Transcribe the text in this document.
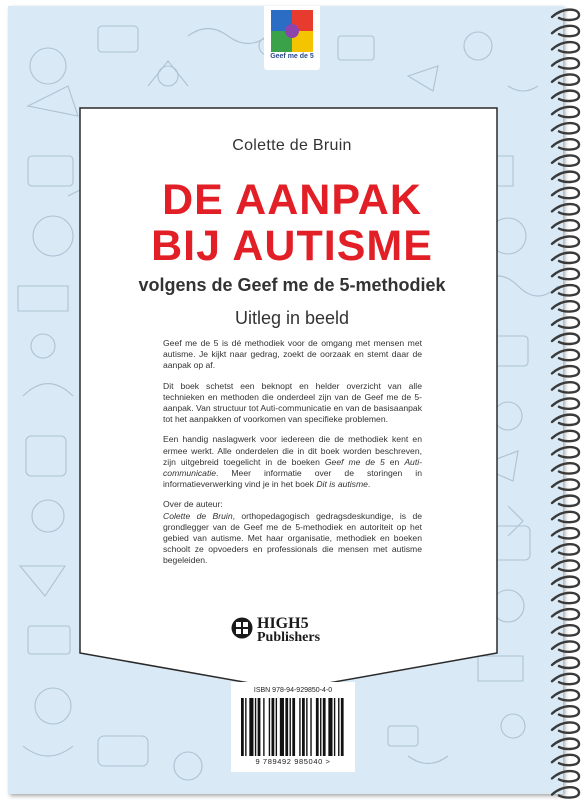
Geef me de 5
Colette de Bruin
DE AANPAK
BIJ AUTISME
volgens de Geef me de 5-methodiek
Uitleg in beeld

Geef me de 5 is dé methodiek voor de omgang met mensen met autisme. Je kijkt naar gedrag, zoekt de oorzaak en stemt daar de aanpak op af.

Dit boek schetst een beknopt en helder overzicht van alle technieken en methoden die onderdeel zijn van de Geef me de 5-aanpak. Van structuur tot Auti-communicatie en van de basisaanpak tot het aanpakken of voorkomen van specifieke problemen.

Een handig naslagwerk voor iedereen die de methodiek kent en ermee werkt. Alle onderdelen die in dit boek worden beschreven, zijn uitgebreid toegelicht in de boeken Geef me de 5 en Auti-communicatie. Meer informatie over de storingen in informatieverwerking vind je in het boek Dit is autisme.

Over de auteur:
Colette de Bruin, orthopedagogisch gedragsdeskundige, is de grondlegger van de Geef me de 5-methodiek en autoriteit op het gebied van autisme. Met haar organisatie, methodiek en boeken schoolt ze opvoeders en professionals die mensen met autisme begeleiden.

HIGH5
Publishers
ISBN 978-94-929850-4-0
9 789492 985040 >
